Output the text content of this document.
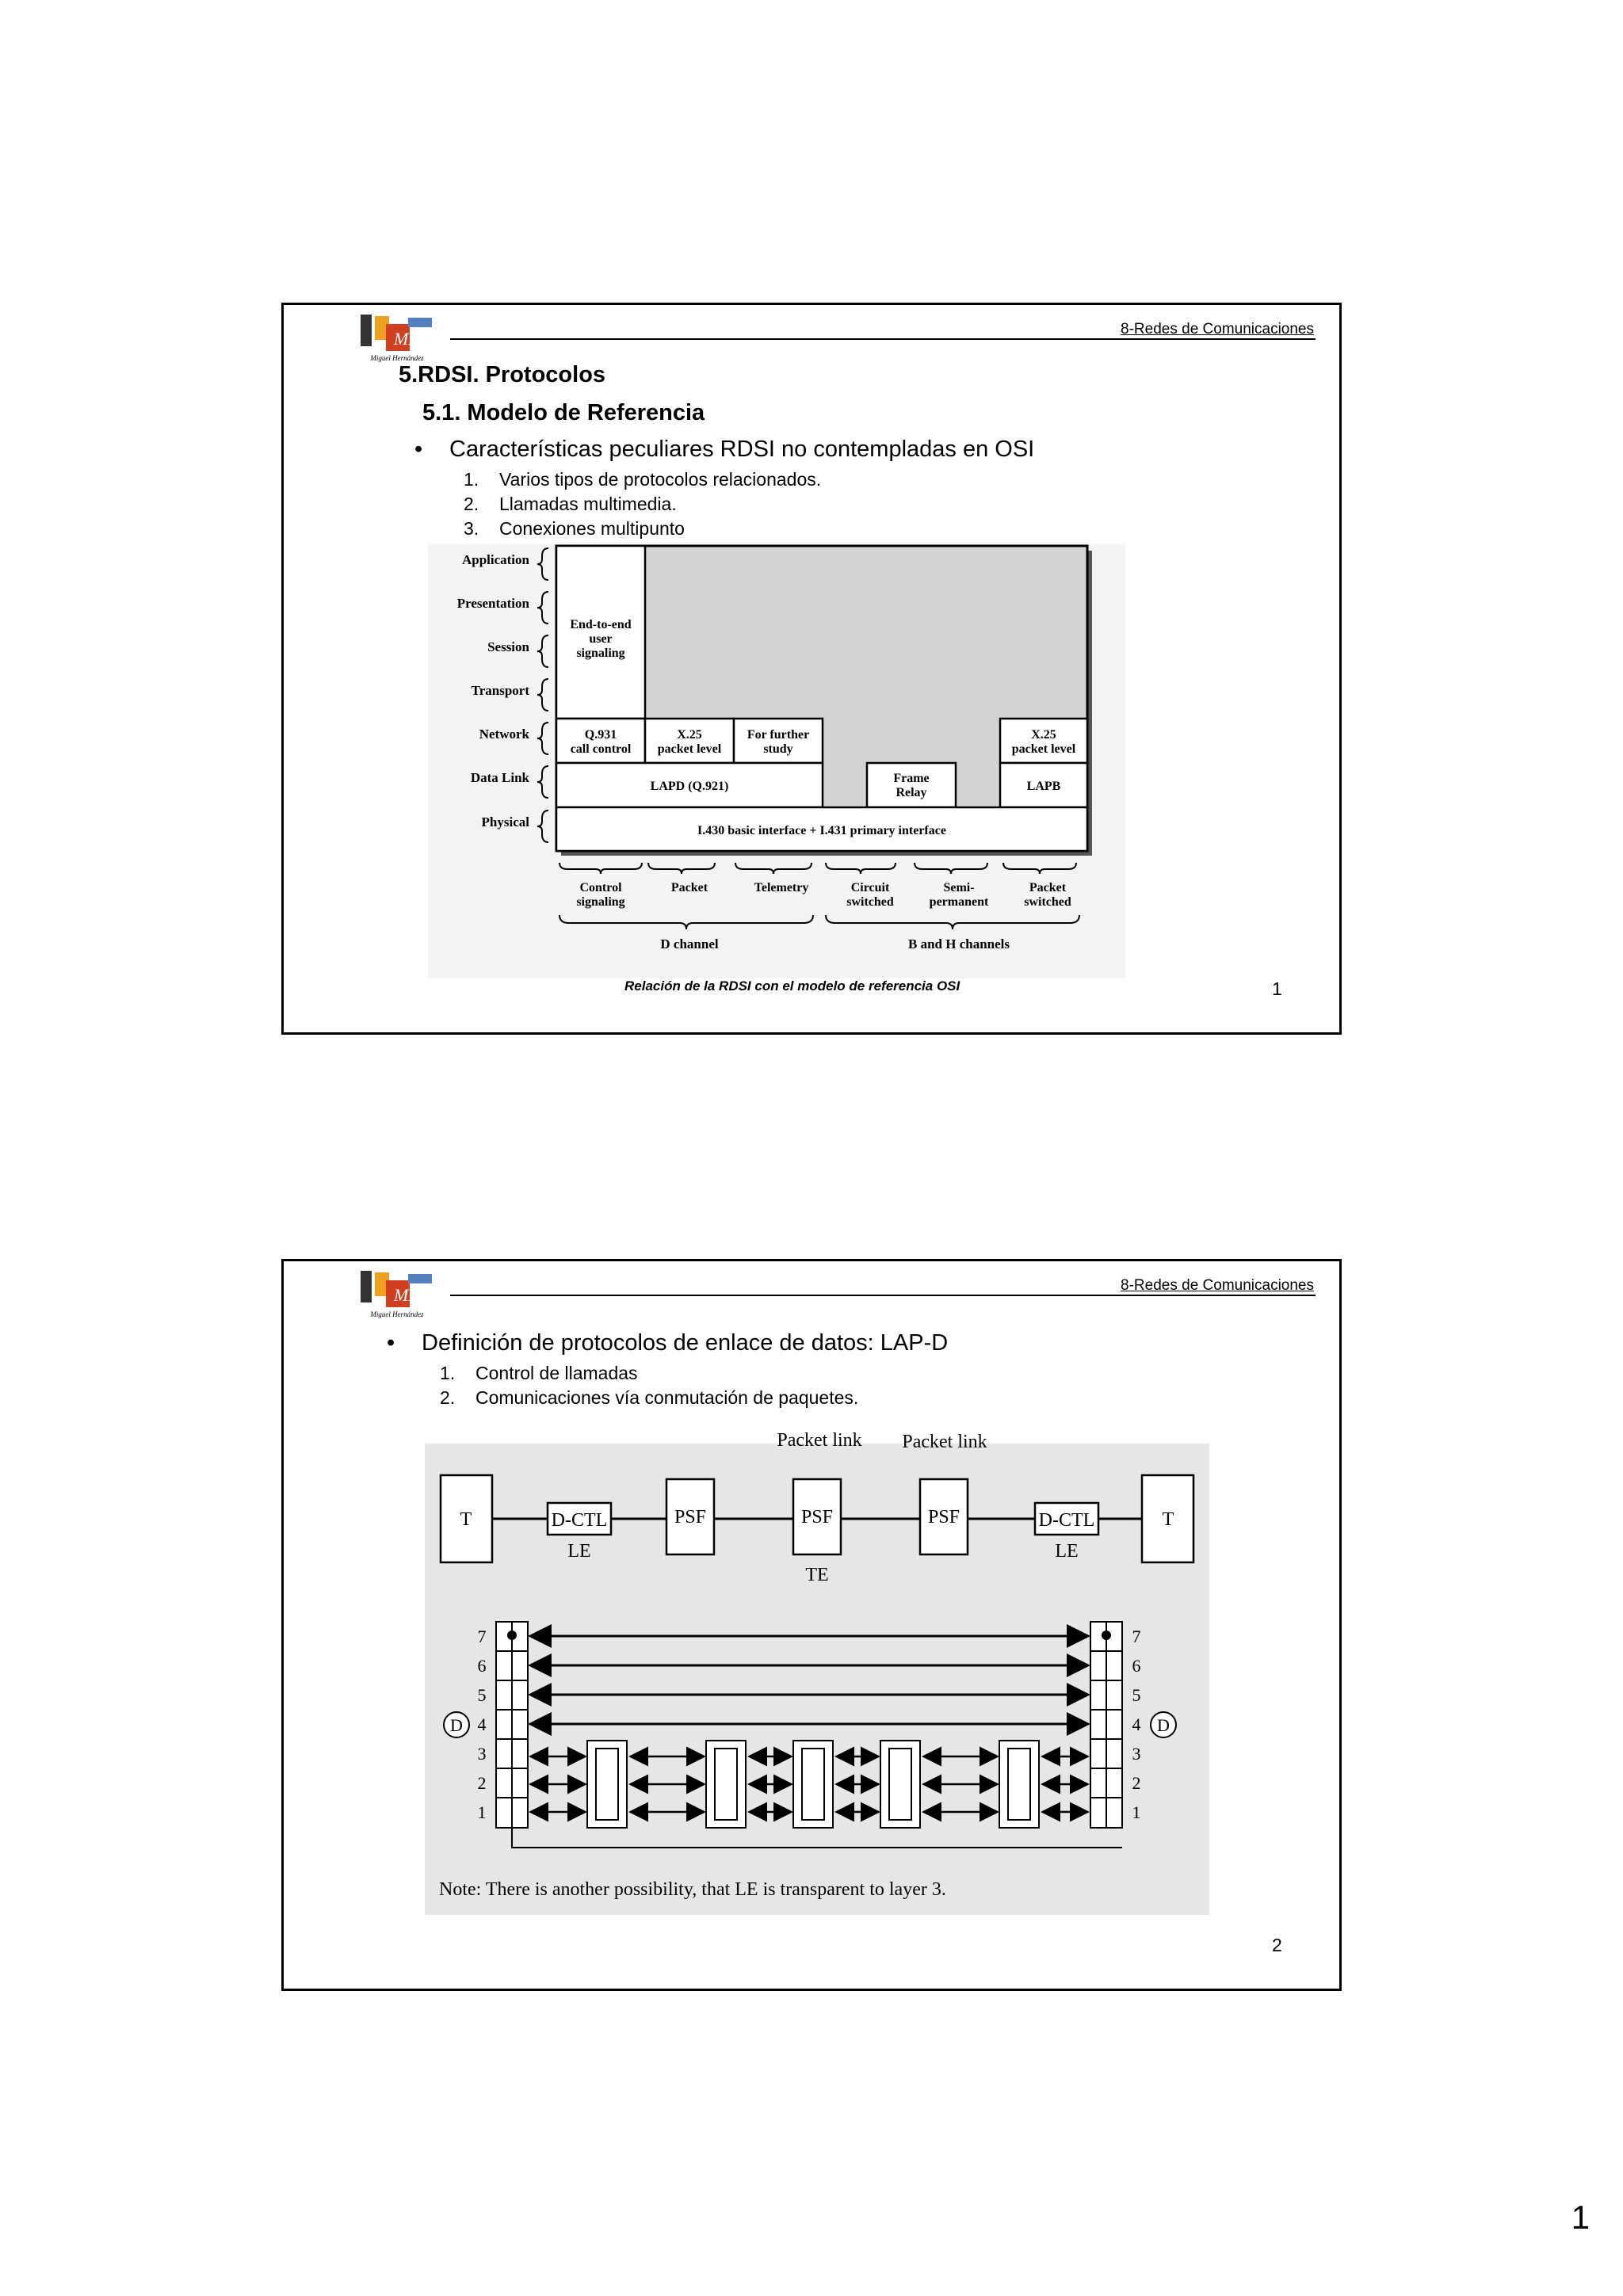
MH
Miguel Hernández
8-Redes de Comunicaciones
5.RDSI. Protocolos
5.1. Modelo de Referencia
• Características peculiares RDSI no contempladas en OSI
1. Varios tipos de protocolos relacionados.
2. Llamadas multimedia.
3. Conexiones multipunto
Application
Presentation
Session
Transport
Network
Data Link
Physical
End-to-end
user
signaling
Q.931
call control
X.25
packet level
For further
study
X.25
packet level
LAPD (Q.921)
Frame
Relay	LAPB
I.430 basic interface + I.431 primary interface
Control
signaling
Packet	Telemetry	Circuit
switched
Semi-
permanent
Packet
switched
D channel	B and H channels
Relación de la RDSI con el modelo de referencia OSI	1
MH
Miguel Hernández
8-Redes de Comunicaciones
• Definición de protocolos de enlace de datos: LAP-D
1. Control de llamadas
2. Comunicaciones vía conmutación de paquetes.
Packet link Packet link
T	D-CTL
LE
PSF	PSF
TE
PSF	D-CTL
LE
T
7
6
5
4
3
2
1
7
6
5
4
3
2
1
D	D
Note: There is another possibility, that LE is transparent to layer 3.
2
1
